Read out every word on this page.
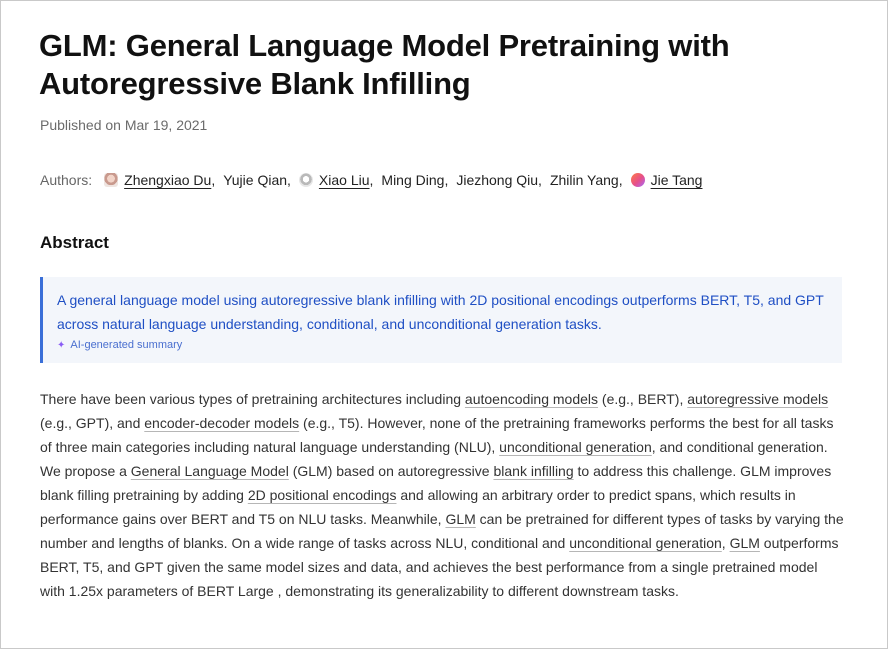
GLM: General Language Model Pretraining with Autoregressive Blank Infilling
Published on Mar 19, 2021
Authors: Zhengxiao Du , Yujie Qian , Xiao Liu , Ming Ding , Jiezhong Qiu , Zhilin Yang , Jie Tang
Abstract
A general language model using autoregressive blank infilling with 2D positional encodings outperforms BERT, T5, and GPT across natural language understanding, conditional, and unconditional generation tasks.
✦ AI-generated summary

There have been various types of pretraining architectures including autoencoding models (e.g., BERT), autoregressive models (e.g., GPT), and encoder-decoder models (e.g., T5). However, none of the pretraining frameworks performs the best for all tasks of three main categories including natural language understanding (NLU), unconditional generation, and conditional generation. We propose a General Language Model (GLM) based on autoregressive blank infilling to address this challenge. GLM improves blank filling pretraining by adding 2D positional encodings and allowing an arbitrary order to predict spans, which results in performance gains over BERT and T5 on NLU tasks. Meanwhile, GLM can be pretrained for different types of tasks by varying the number and lengths of blanks. On a wide range of tasks across NLU, conditional and unconditional generation, GLM outperforms BERT, T5, and GPT given the same model sizes and data, and achieves the best performance from a single pretrained model with 1.25x parameters of BERT Large , demonstrating its generalizability to different downstream tasks.
